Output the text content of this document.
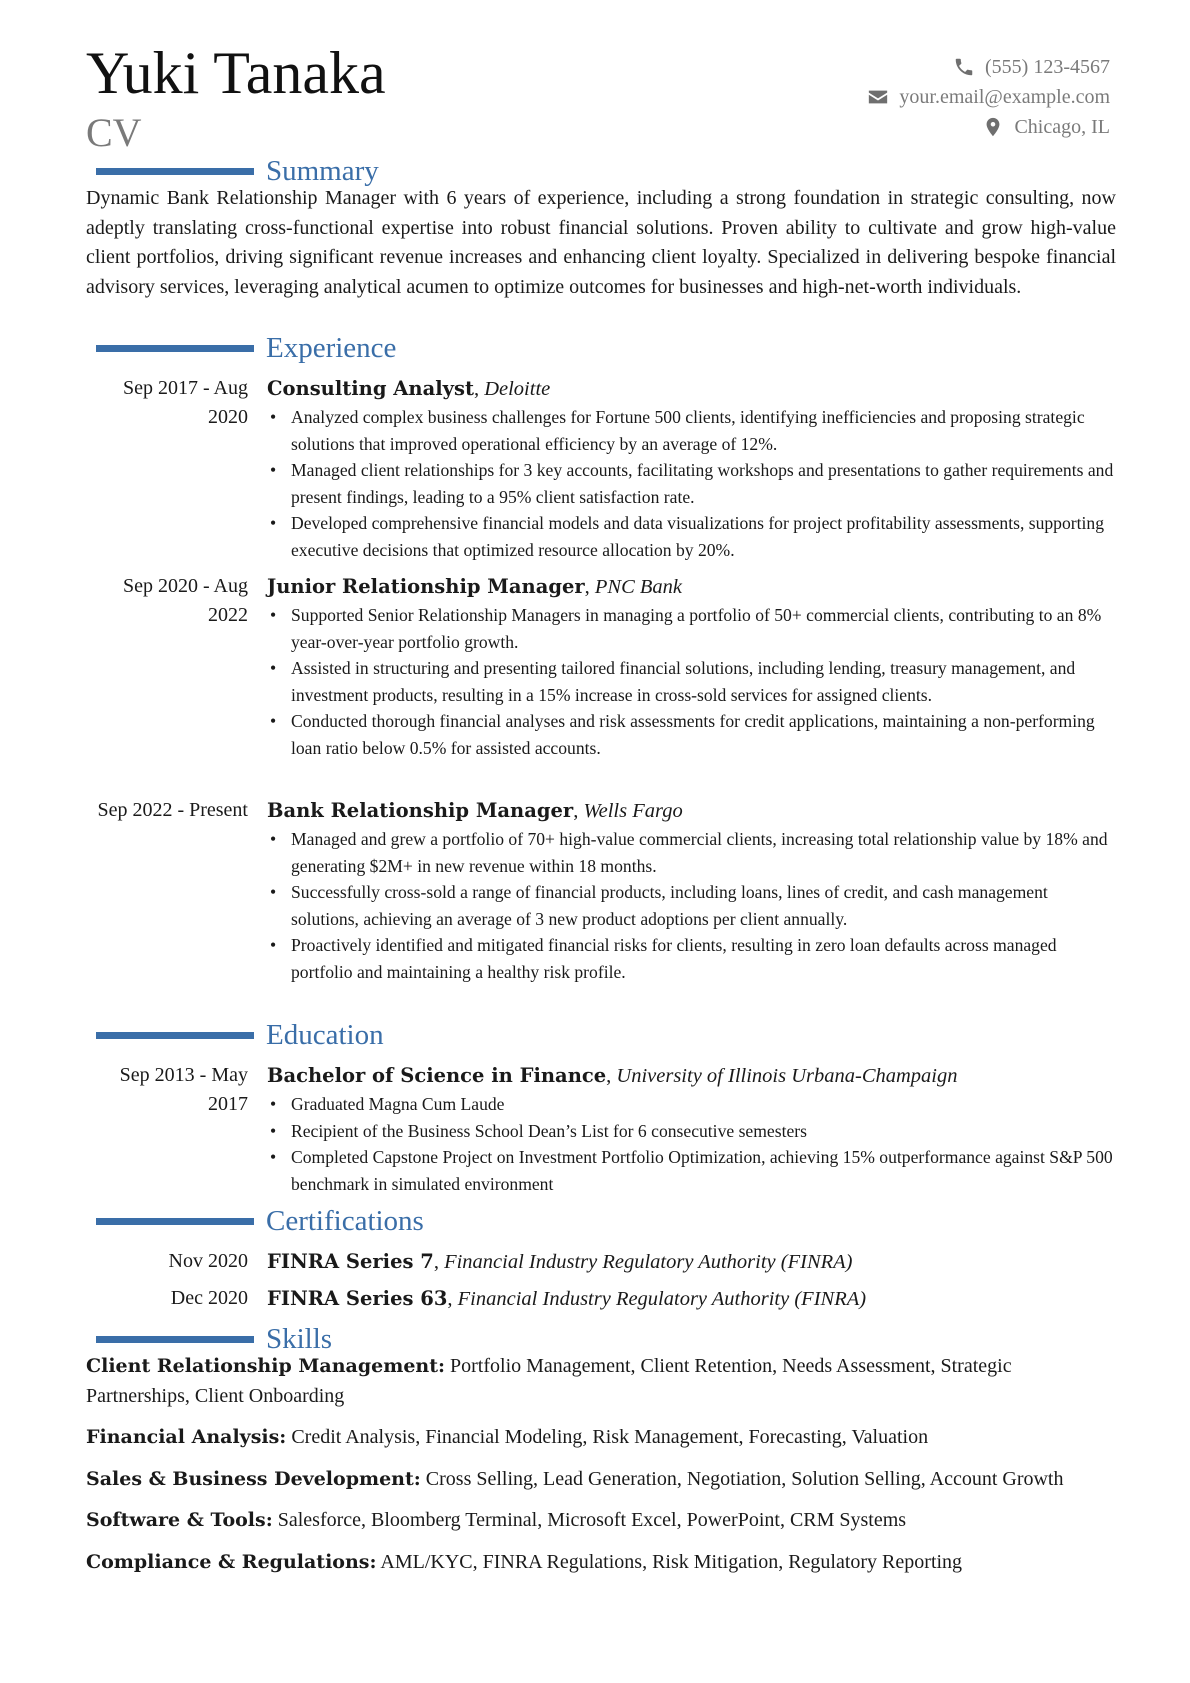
Yuki Tanaka
CV
(555) 123-4567
your.email@example.com
Chicago, IL
Summary
Dynamic Bank Relationship Manager with 6 years of experience, including a strong foundation in strategic consulting, now adeptly translating cross-functional expertise into robust financial solutions. Proven ability to cultivate and grow high-value client portfolios, driving significant revenue increases and enhancing client loyalty. Specialized in delivering bespoke financial advisory services, leveraging analytical acumen to optimize outcomes for businesses and high-net-worth individuals.
Experience
Sep 2017 - Aug 2020
Consulting Analyst, Deloitte
• Analyzed complex business challenges for Fortune 500 clients, identifying inefficiencies and proposing strategic solutions that improved operational efficiency by an average of 12%.
• Managed client relationships for 3 key accounts, facilitating workshops and presentations to gather requirements and present findings, leading to a 95% client satisfaction rate.
• Developed comprehensive financial models and data visualizations for project profitability assessments, supporting executive decisions that optimized resource allocation by 20%.
Sep 2020 - Aug 2022
Junior Relationship Manager, PNC Bank
• Supported Senior Relationship Managers in managing a portfolio of 50+ commercial clients, contributing to an 8% year-over-year portfolio growth.
• Assisted in structuring and presenting tailored financial solutions, including lending, treasury management, and investment products, resulting in a 15% increase in cross-sold services for assigned clients.
• Conducted thorough financial analyses and risk assessments for credit applications, maintaining a non-performing loan ratio below 0.5% for assisted accounts.
Sep 2022 - Present Bank Relationship Manager, Wells Fargo
• Managed and grew a portfolio of 70+ high-value commercial clients, increasing total relationship value by 18% and generating $2M+ in new revenue within 18 months.
• Successfully cross-sold a range of financial products, including loans, lines of credit, and cash management solutions, achieving an average of 3 new product adoptions per client annually.
• Proactively identified and mitigated financial risks for clients, resulting in zero loan defaults across managed portfolio and maintaining a healthy risk profile.
Education
Sep 2013 - May 2017
Bachelor of Science in Finance, University of Illinois Urbana-Champaign
• Graduated Magna Cum Laude
• Recipient of the Business School Dean’s List for 6 consecutive semesters
• Completed Capstone Project on Investment Portfolio Optimization, achieving 15% outperformance against S&P 500 benchmark in simulated environment
Certifications
Nov 2020 FINRA Series 7, Financial Industry Regulatory Authority (FINRA)
Dec 2020 FINRA Series 63, Financial Industry Regulatory Authority (FINRA)
Skills
Client Relationship Management: Portfolio Management, Client Retention, Needs Assessment, Strategic Partnerships, Client Onboarding
Financial Analysis: Credit Analysis, Financial Modeling, Risk Management, Forecasting, Valuation
Sales & Business Development: Cross Selling, Lead Generation, Negotiation, Solution Selling, Account Growth
Software & Tools: Salesforce, Bloomberg Terminal, Microsoft Excel, PowerPoint, CRM Systems
Compliance & Regulations: AML/KYC, FINRA Regulations, Risk Mitigation, Regulatory Reporting
